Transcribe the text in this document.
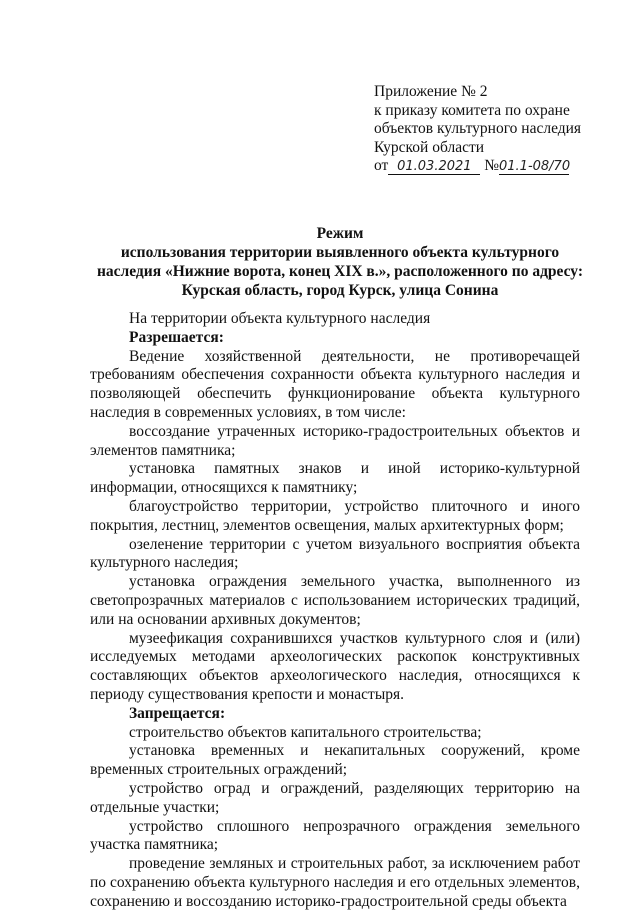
Приложение № 2
к приказу комитета по охране
объектов культурного наследия
Курской области
от 01.03.2021 №01.1-08/70
Режим
использования территории выявленного объекта культурного
наследия «Нижние ворота, конец XIX в.», расположенного по адресу:
Курская область, город Курск, улица Сонина

На территории объекта культурного наследия

Разрешается:

Ведение хозяйственной деятельности, не противоречащей требованиям обеспечения сохранности объекта культурного наследия и позволяющей обеспечить функционирование объекта культурного наследия в современных условиях, в том числе:

воссоздание утраченных историко-градостроительных объектов и элементов памятника;

установка памятных знаков и иной историко-культурной информации, относящихся к памятнику;

благоустройство территории, устройство плиточного и иного покрытия, лестниц, элементов освещения, малых архитектурных форм;

озеленение территории с учетом визуального восприятия объекта культурного наследия;

установка ограждения земельного участка, выполненного из светопрозрачных материалов с использованием исторических традиций, или на основании архивных документов;

музеефикация сохранившихся участков культурного слоя и (или) исследуемых методами археологических раскопок конструктивных составляющих объектов археологического наследия, относящихся к периоду существования крепости и монастыря.

Запрещается:

строительство объектов капитального строительства;

установка временных и некапитальных сооружений, кроме временных строительных ограждений;

устройство оград и ограждений, разделяющих территорию на отдельные участки;

устройство сплошного непрозрачного ограждения земельного участка памятника;

проведение земляных и строительных работ, за исключением работ по сохранению объекта культурного наследия и его отдельных элементов, сохранению и воссозданию историко-градостроительной среды объекта
